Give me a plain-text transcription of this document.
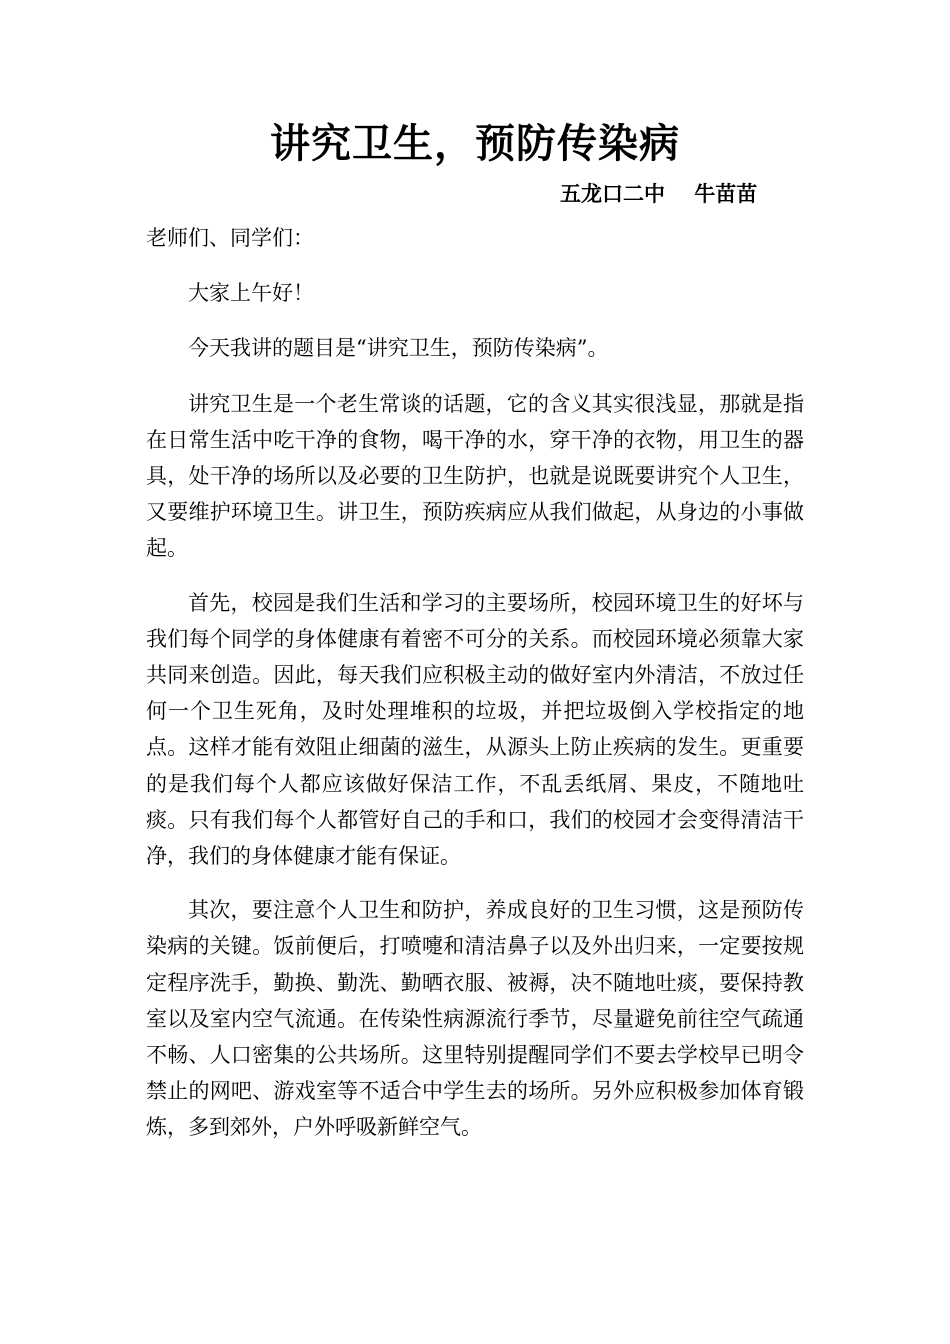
讲究卫生，预防传染病
五龙口二中    牛苗苗

老师们、同学们：

大家上午好！

今天我讲的题目是“讲究卫生，预防传染病”。

讲究卫生是一个老生常谈的话题，它的含义其实很浅显，那就是指在日常生活中吃干净的食物，喝干净的水，穿干净的衣物，用卫生的器具，处干净的场所以及必要的卫生防护，也就是说既要讲究个人卫生，又要维护环境卫生。讲卫生，预防疾病应从我们做起，从身边的小事做起。

首先，校园是我们生活和学习的主要场所，校园环境卫生的好坏与我们每个同学的身体健康有着密不可分的关系。而校园环境必须靠大家共同来创造。因此，每天我们应积极主动的做好室内外清洁，不放过任何一个卫生死角，及时处理堆积的垃圾，并把垃圾倒入学校指定的地点。这样才能有效阻止细菌的滋生，从源头上防止疾病的发生。更重要的是我们每个人都应该做好保洁工作，不乱丢纸屑、果皮，不随地吐痰。只有我们每个人都管好自己的手和口，我们的校园才会变得清洁干净，我们的身体健康才能有保证。

其次，要注意个人卫生和防护，养成良好的卫生习惯，这是预防传染病的关键。饭前便后，打喷嚏和清洁鼻子以及外出归来，一定要按规定程序洗手，勤换、勤洗、勤晒衣服、被褥，决不随地吐痰，要保持教室以及室内空气流通。在传染性病源流行季节，尽量避免前往空气疏通不畅、人口密集的公共场所。这里特别提醒同学们不要去学校早已明令禁止的网吧、游戏室等不适合中学生去的场所。另外应积极参加体育锻炼，多到郊外，户外呼吸新鲜空气。
